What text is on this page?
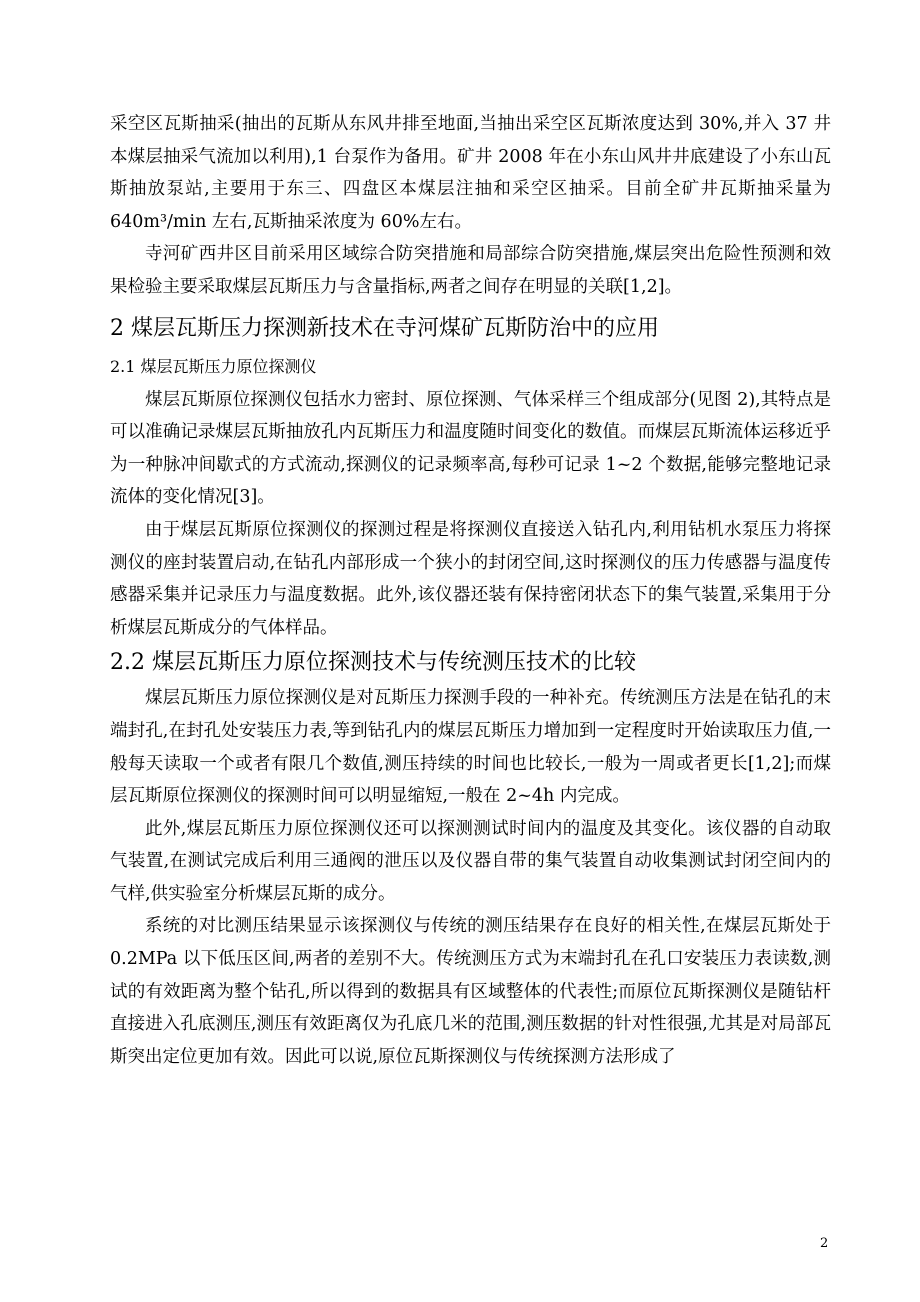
采空区瓦斯抽采(抽出的瓦斯从东风井排至地面,当抽出采空区瓦斯浓度达到 30%,并入 37 井本煤层抽采气流加以利用),1 台泵作为备用。矿井 2008 年在小东山风井井底建设了小东山瓦斯抽放泵站,主要用于东三、四盘区本煤层注抽和采空区抽采。目前全矿井瓦斯抽采量为 640m³/min 左右,瓦斯抽采浓度为 60%左右。

寺河矿西井区目前采用区域综合防突措施和局部综合防突措施,煤层突出危险性预测和效果检验主要采取煤层瓦斯压力与含量指标,两者之间存在明显的关联[1,2]。

2 煤层瓦斯压力探测新技术在寺河煤矿瓦斯防治中的应用
2.1 煤层瓦斯压力原位探测仪

煤层瓦斯原位探测仪包括水力密封、原位探测、气体采样三个组成部分(见图 2),其特点是可以准确记录煤层瓦斯抽放孔内瓦斯压力和温度随时间变化的数值。而煤层瓦斯流体运移近乎为一种脉冲间歇式的方式流动,探测仪的记录频率高,每秒可记录 1~2 个数据,能够完整地记录流体的变化情况[3]。

由于煤层瓦斯原位探测仪的探测过程是将探测仪直接送入钻孔内,利用钻机水泵压力将探测仪的座封装置启动,在钻孔内部形成一个狭小的封闭空间,这时探测仪的压力传感器与温度传感器采集并记录压力与温度数据。此外,该仪器还装有保持密闭状态下的集气装置,采集用于分析煤层瓦斯成分的气体样品。

2.2 煤层瓦斯压力原位探测技术与传统测压技术的比较

煤层瓦斯压力原位探测仪是对瓦斯压力探测手段的一种补充。传统测压方法是在钻孔的末端封孔,在封孔处安装压力表,等到钻孔内的煤层瓦斯压力增加到一定程度时开始读取压力值,一般每天读取一个或者有限几个数值,测压持续的时间也比较长,一般为一周或者更长[1,2];而煤层瓦斯原位探测仪的探测时间可以明显缩短,一般在 2~4h 内完成。

此外,煤层瓦斯压力原位探测仪还可以探测测试时间内的温度及其变化。该仪器的自动取气装置,在测试完成后利用三通阀的泄压以及仪器自带的集气装置自动收集测试封闭空间内的气样,供实验室分析煤层瓦斯的成分。

系统的对比测压结果显示该探测仪与传统的测压结果存在良好的相关性,在煤层瓦斯处于 0.2MPa 以下低压区间,两者的差别不大。传统测压方式为末端封孔在孔口安装压力表读数,测试的有效距离为整个钻孔,所以得到的数据具有区域整体的代表性;而原位瓦斯探测仪是随钻杆直接进入孔底测压,测压有效距离仅为孔底几米的范围,测压数据的针对性很强,尤其是对局部瓦斯突出定位更加有效。因此可以说,原位瓦斯探测仪与传统探测方法形成了

2
